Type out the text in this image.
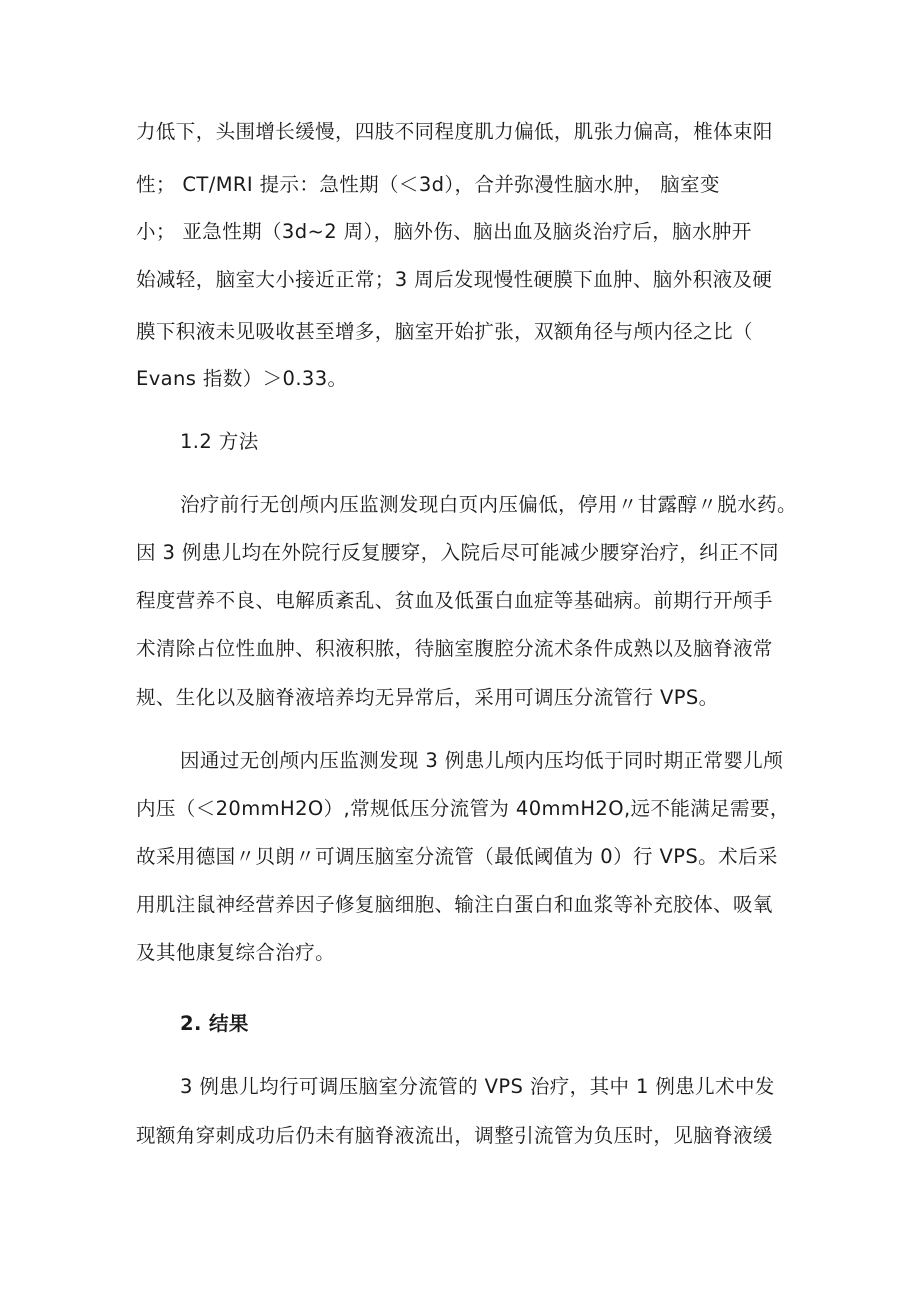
力低下，头围增长缓慢，四肢不同程度肌力偏低，肌张力偏高，椎体束阳
性； CT/MRI 提示：急性期（＜3d），合并弥漫性脑水肿， 脑室变
小； 亚急性期（3d~2 周），脑外伤、脑出血及脑炎治疗后，脑水肿开
始减轻，脑室大小接近正常；3 周后发现慢性硬膜下血肿、脑外积液及硬
膜下积液未见吸收甚至增多，脑室开始扩张，双额角径与颅内径之比（
Evans 指数）＞0.33。
1.2 方法
治疗前行无创颅内压监测发现白页内压偏低，停用〃甘露醇〃脱水药。
因 3 例患儿均在外院行反复腰穿，入院后尽可能减少腰穿治疗，纠正不同
程度营养不良、电解质紊乱、贫血及低蛋白血症等基础病。前期行开颅手
术清除占位性血肿、积液积脓，待脑室腹腔分流术条件成熟以及脑脊液常
规、生化以及脑脊液培养均无异常后，采用可调压分流管行 VPS。
因通过无创颅内压监测发现 3 例患儿颅内压均低于同时期正常婴儿颅
内压（＜20mmH2O）,常规低压分流管为 40mmH2O,远不能满足需要，
故采用德国〃贝朗〃可调压脑室分流管（最低阈值为 0）行 VPS。术后采
用肌注鼠神经营养因子修复脑细胞、输注白蛋白和血浆等补充胶体、吸氧
及其他康复综合治疗。
2. 结果
3 例患儿均行可调压脑室分流管的 VPS 治疗，其中 1 例患儿术中发
现额角穿刺成功后仍未有脑脊液流出，调整引流管为负压时，见脑脊液缓
